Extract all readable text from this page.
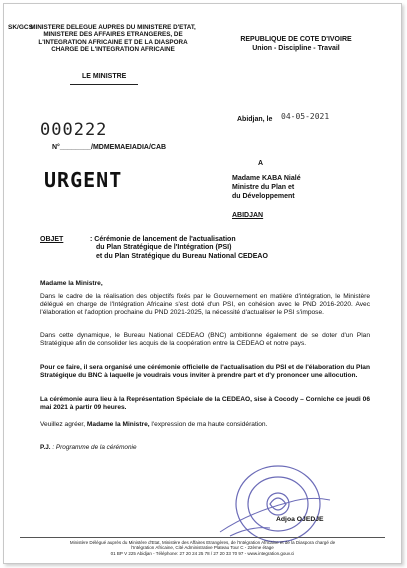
SK/GCS
MINISTERE DELEGUE AUPRES DU MINISTERE D'ETAT,
MINISTERE DES AFFAIRES ETRANGERES, DE
L'INTEGRATION AFRICAINE ET DE LA DIASPORA
CHARGE DE L'INTEGRATION AFRICAINE
REPUBLIQUE DE COTE D'IVOIRE
Union - Discipline - Travail
LE MINISTRE
000222
N°________/MDMEMAEIADIA/CAB
Abidjan, le 04-05-2021
URGENT
A
Madame KABA Nialé
Ministre du Plan et
du Développement
ABIDJAN
OBJET	: Cérémonie de lancement de l'actualisation
du Plan Stratégique de l'Intégration (PSI)
et du Plan Stratégique du Bureau National CEDEAO
Madame la Ministre,
Dans le cadre de la réalisation des objectifs fixés par le Gouvernement en matière d'intégration, le Ministère délégué en charge de l'Intégration Africaine s'est doté d'un PSI, en cohésion avec le PND 2016-2020. Avec l'élaboration et l'adoption prochaine du PND 2021-2025, la nécessité d'actualiser le PSI s'impose.
Dans cette dynamique, le Bureau National CEDEAO (BNC) ambitionne également de se doter d'un Plan Stratégique afin de consolider les acquis de la coopération entre la CEDEAO et notre pays.
Pour ce faire, il sera organisé une cérémonie officielle de l'actualisation du PSI et de l'élaboration du Plan Stratégique du BNC à laquelle je voudrais vous inviter à prendre part et d'y prononcer une allocution.
La cérémonie aura lieu à la Représentation Spéciale de la CEDEAO, sise à Cocody – Corniche ce jeudi 06 mai 2021 à partir 09 heures.
Veuillez agréer, Madame la Ministre, l'expression de ma haute considération.
P.J. : Programme de la cérémonie
Adjoa OJEDJE
Ministère Délégué auprès du Ministère d'Etat, Ministère des Affaires Etrangères, de l'Intégration Africaine et de la Diaspora chargé de
l'Intégration Africaine, Cité Administrative Plateau Tour C - 22ème étage
01 BP V 225 Abidjan - Téléphone: 27 20 24 25 78 / 27 20 33 70 97 - www.integration.gouv.ci
